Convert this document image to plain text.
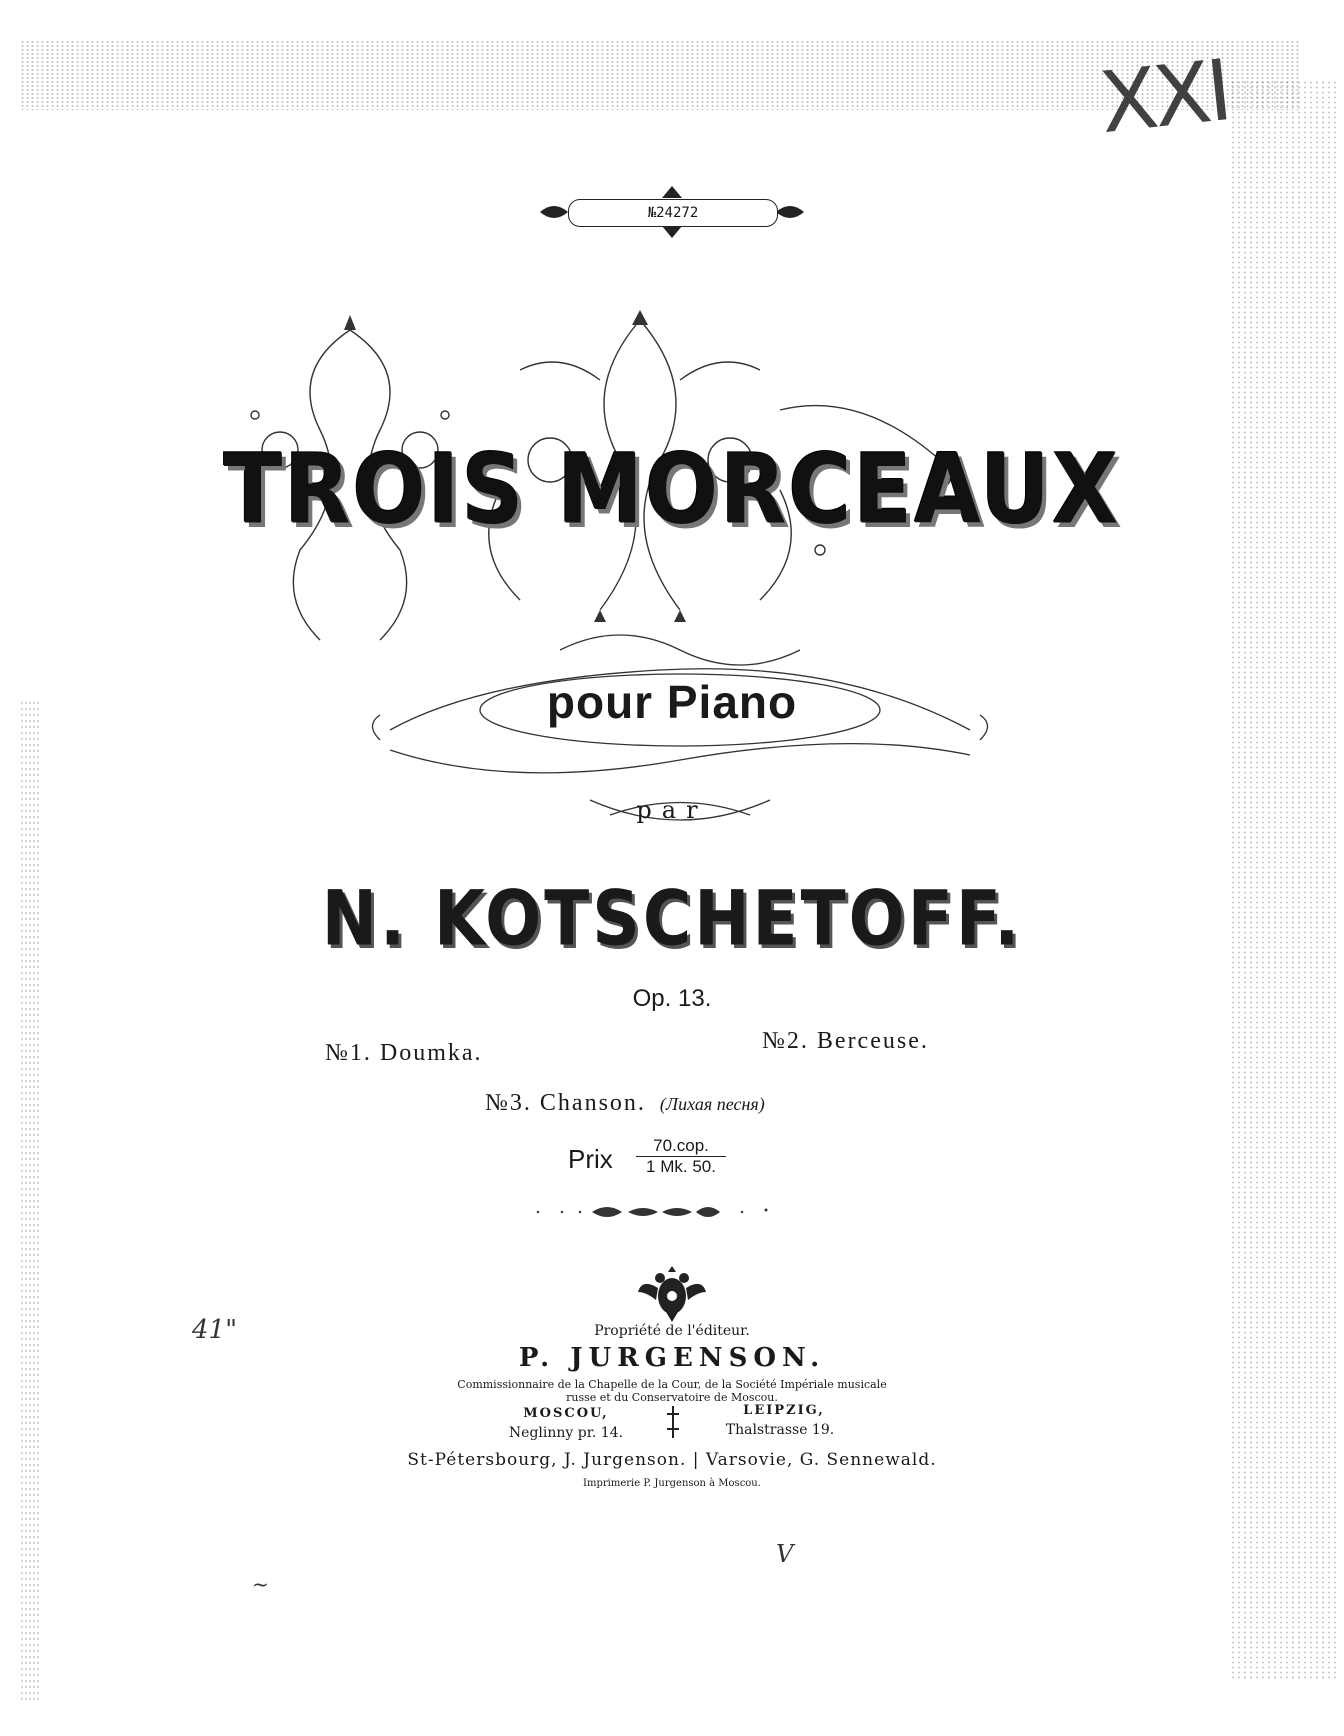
XXI
№24272
TROIS MORCEAUX
pour Piano
par
N. KOTSCHETOFF.
Op. 13.
№1. Doumka.	№2. Berceuse.
№3. Chanson. (Лихая песня)
Prix	70.cop.
1 Mk. 50.
Propriété de l'éditeur.
P. JURGENSON.
Commissionnaire de la Chapelle de la Cour, de la Société Impériale musicale
russe et du Conservatoire de Moscou.
MOSCOU,
Neglinny pr. 14.
LEIPZIG,
Thalstrasse 19.
St-Pétersbourg, J. Jurgenson. | Varsovie, G. Sennewald.
Imprimerie P. Jurgenson à Moscou.
41"
V
~
